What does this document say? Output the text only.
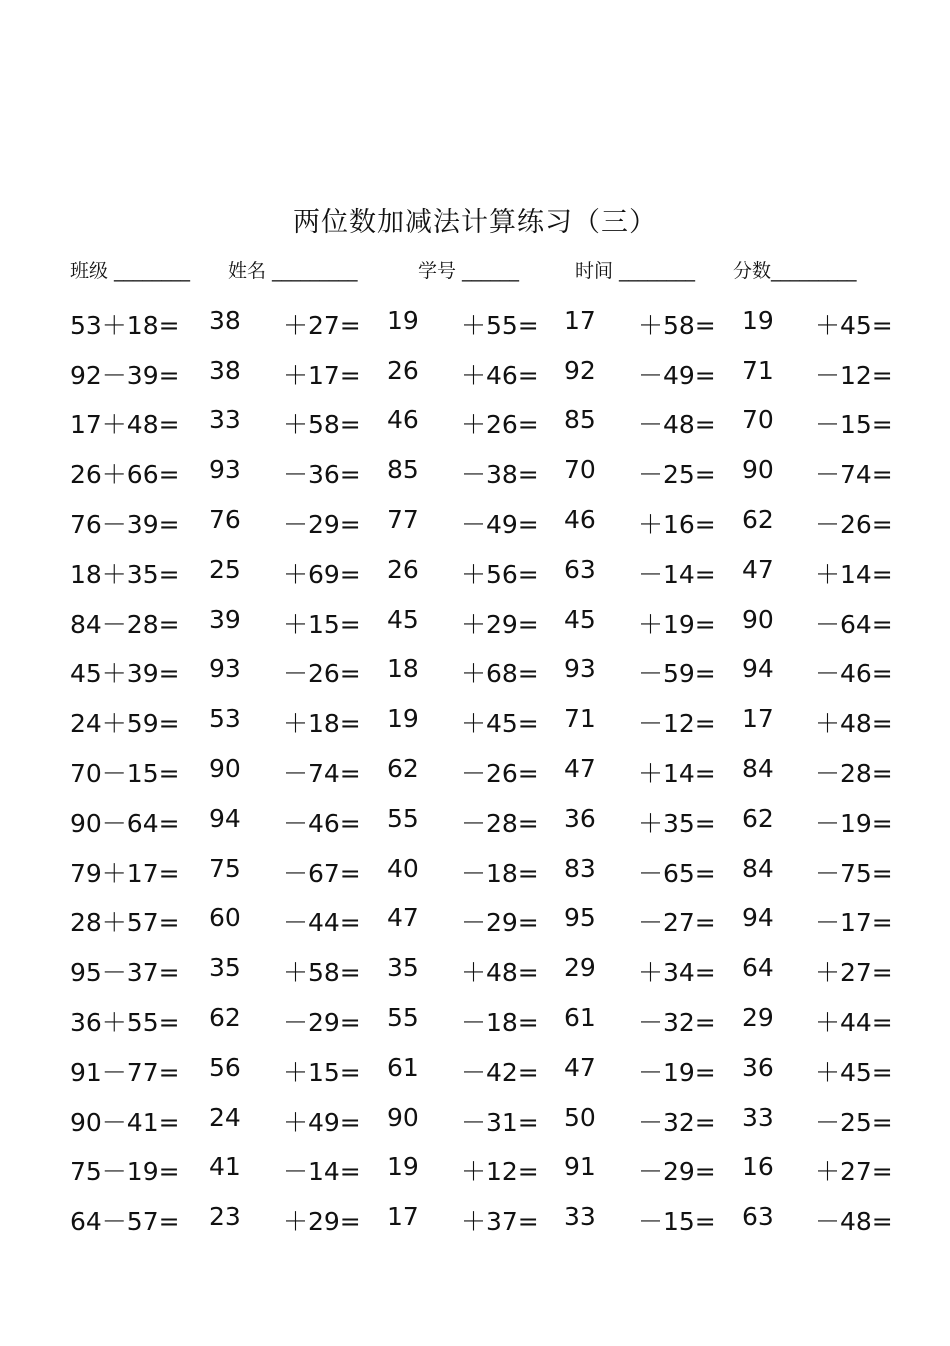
两位数加减法计算练习（三）
班级 ________ 姓名 _________	学号 ______	时间 ________ 分数_________
53＋18= 38 ＋27= 19 ＋55= 17 ＋58= 19 ＋45=
92－39= 38 ＋17= 26 ＋46= 92 －49= 71 －12=
17＋48= 33 ＋58= 46 ＋26= 85 －48= 70 －15=
26＋66= 93 －36= 85 －38= 70 －25= 90 －74=
76－39= 76 －29= 77 －49= 46 ＋16= 62 －26=
18＋35= 25 ＋69= 26 ＋56= 63 －14= 47 ＋14=
84－28= 39 ＋15= 45 ＋29= 45 ＋19= 90 －64=
45＋39= 93 －26= 18 ＋68= 93 －59= 94 －46=
24＋59= 53 ＋18= 19 ＋45= 71 －12= 17 ＋48=
70－15= 90 －74= 62 －26= 47 ＋14= 84 －28=
90－64= 94 －46= 55 －28= 36 ＋35= 62 －19=
79＋17= 75 －67= 40 －18= 83 －65= 84 －75=
28＋57= 60 －44= 47 －29= 95 －27= 94 －17=
95－37= 35 ＋58= 35 ＋48= 29 ＋34= 64 ＋27=
36＋55= 62 －29= 55 －18= 61 －32= 29 ＋44=
91－77= 56 ＋15= 61 －42= 47 －19= 36 ＋45=
90－41= 24 ＋49= 90 －31= 50 －32= 33 －25=
75－19= 41 －14= 19 ＋12= 91 －29= 16 ＋27=
64－57= 23 ＋29= 17 ＋37= 33 －15= 63 －48=
